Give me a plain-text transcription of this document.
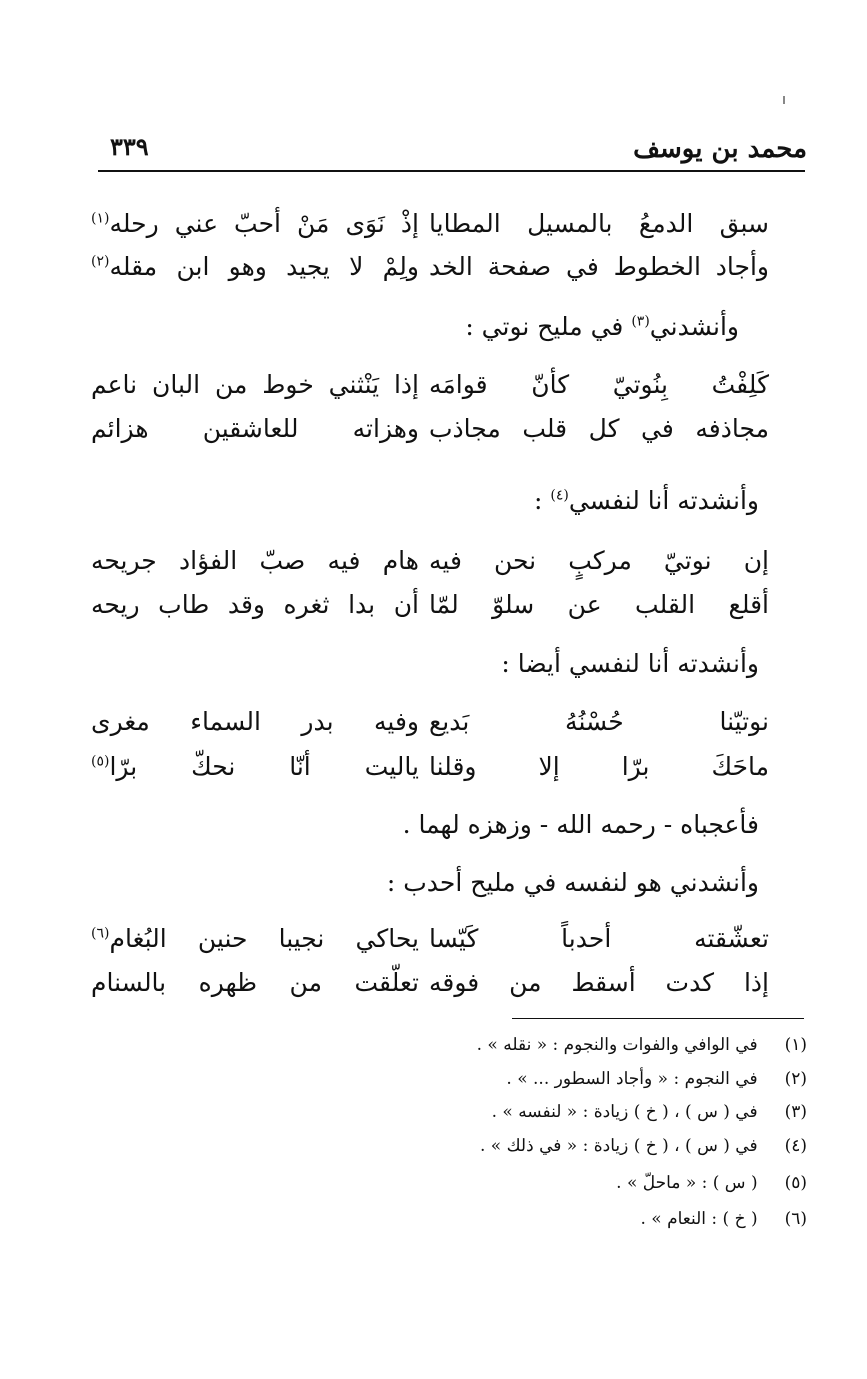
محمد بن يوسف
٣٣٩
سبق الدمعُ بالمسيل المطايا
إذْ نَوَى مَنْ أحبّ عني رحله$^{(١)}$
وأجاد الخطوط في صفحة الخد
ولِمْ لا يجيد وهو ابن مقله$^{(٢)}$
وأنشدني$^{(٣)}$ في مليح نوتي :
كَلِفْتُ بِنُوتيّ كأنّ قوامَه
إذا يَنْثني خوط من البان ناعم
مجاذفه في كل قلب مجاذب
وهزاته للعاشقين هزائم
وأنشدته أنا لنفسي$^{(٤)}$ :
إن نوتيّ مركبٍ نحن فيه
هام فيه صبّ الفؤاد جريحه
أقلع القلب عن سلوّ لمّا
أن بدا ثغره وقد طاب ريحه
وأنشدته أنا لنفسي أيضا :
نوتيّنا حُسْنُهُ بَديع
وفيه بدر السماء مغرى
ماحَكَ برّا إلا وقلنا
ياليت أنّا نحكّ برّا$^{(٥)}$
فأعجباه - رحمه الله - وزهزه لهما .
وأنشدني هو لنفسه في مليح أحدب :
تعشّقته أحدباً كَيّسا
يحاكي نجيبا حنين البُغام$^{(٦)}$
إذا كدت أسقط من فوقه
تعلّقت من ظهره بالسنام
(١) في الوافي والفوات والنجوم : « نقله » .
(٢) في النجوم : « وأجاد السطور ... » .
(٣) في ( س ) ، ( خ ) زيادة : « لنفسه » .
(٤) في ( س ) ، ( خ ) زيادة : « في ذلك » .
(٥) ( س ) : « ماحلّ » .
(٦) ( خ ) : النعام » .
